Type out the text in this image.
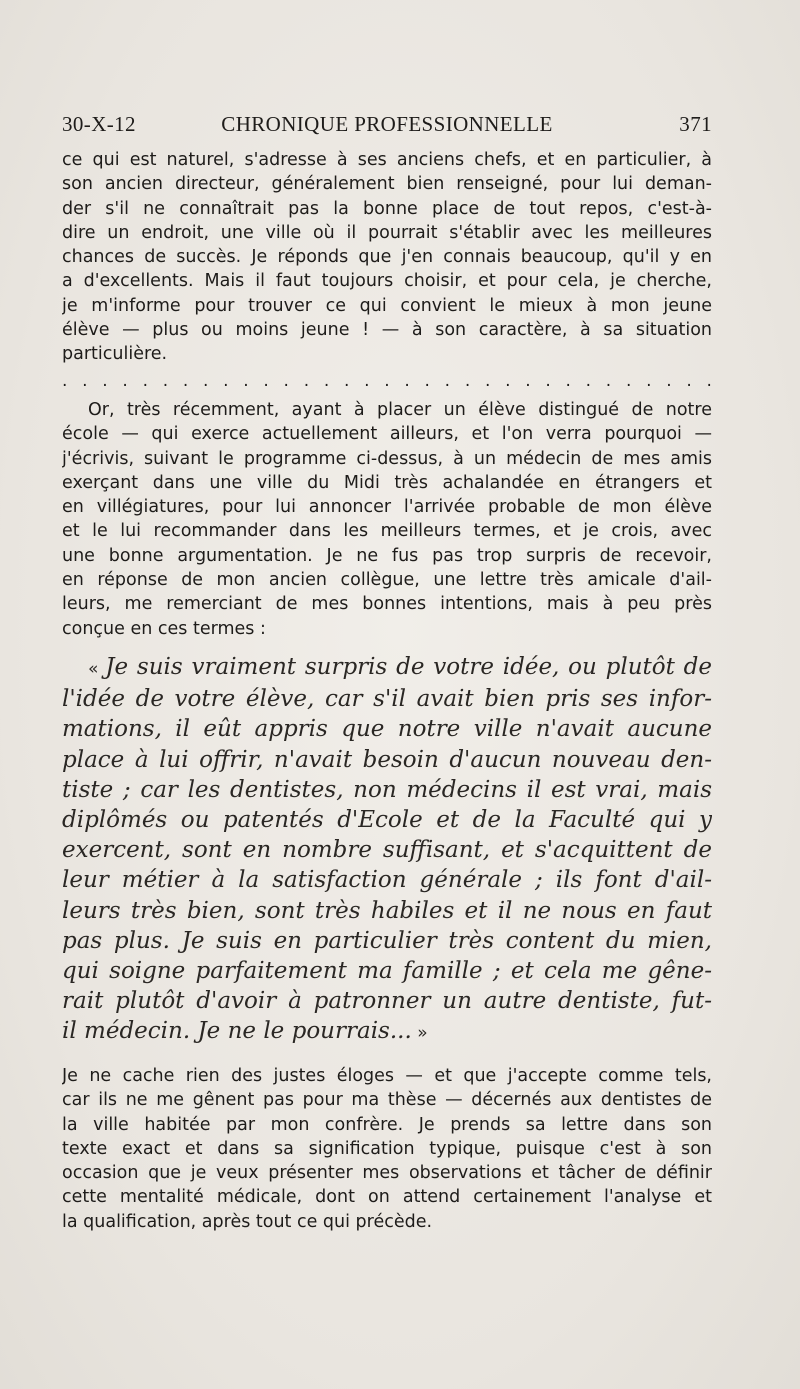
30-X-12	CHRONIQUE PROFESSIONNELLE	371

ce qui est naturel, s'adresse à ses anciens chefs, et en particulier, à
son ancien directeur, généralement bien renseigné, pour lui deman-
der s'il ne connaîtrait pas la bonne place de tout repos, c'est-à-
dire un endroit, une ville où il pourrait s'établir avec les meilleures
chances de succès. Je réponds que j'en connais beaucoup, qu'il y en
a d'excellents. Mais il faut toujours choisir, et pour cela, je cherche,
je m'informe pour trouver ce qui convient le mieux à mon jeune
élève — plus ou moins jeune ! — à son caractère, à sa situation
particulière.

. . . . . . . . . . . . . . . . . . . . . . . . . . . . . . . . .

Or, très récemment, ayant à placer un élève distingué de notre
école — qui exerce actuellement ailleurs, et l'on verra pourquoi —
j'écrivis, suivant le programme ci-dessus, à un médecin de mes amis
exerçant dans une ville du Midi très achalandée en étrangers et
en villégiatures, pour lui annoncer l'arrivée probable de mon élève
et le lui recommander dans les meilleurs termes, et je crois, avec
une bonne argumentation. Je ne fus pas trop surpris de recevoir,
en réponse de mon ancien collègue, une lettre très amicale d'ail-
leurs, me remerciant de mes bonnes intentions, mais à peu près
conçue en ces termes :

« Je suis vraiment surpris de votre idée, ou plutôt de
l'idée de votre élève, car s'il avait bien pris ses infor-
mations, il eût appris que notre ville n'avait aucune
place à lui offrir, n'avait besoin d'aucun nouveau den-
tiste ; car les dentistes, non médecins il est vrai, mais
diplômés ou patentés d'Ecole et de la Faculté qui y
exercent, sont en nombre suffisant, et s'acquittent de
leur métier à la satisfaction générale ; ils font d'ail-
leurs très bien, sont très habiles et il ne nous en faut
pas plus. Je suis en particulier très content du mien,
qui soigne parfaitement ma famille ; et cela me gêne-
rait plutôt d'avoir à patronner un autre dentiste, fut-
il médecin. Je ne le pourrais... »

Je ne cache rien des justes éloges — et que j'accepte comme tels,
car ils ne me gênent pas pour ma thèse — décernés aux dentistes de
la ville habitée par mon confrère. Je prends sa lettre dans son
texte exact et dans sa signification typique, puisque c'est à son
occasion que je veux présenter mes observations et tâcher de définir
cette mentalité médicale, dont on attend certainement l'analyse et
la qualification, après tout ce qui précède.
